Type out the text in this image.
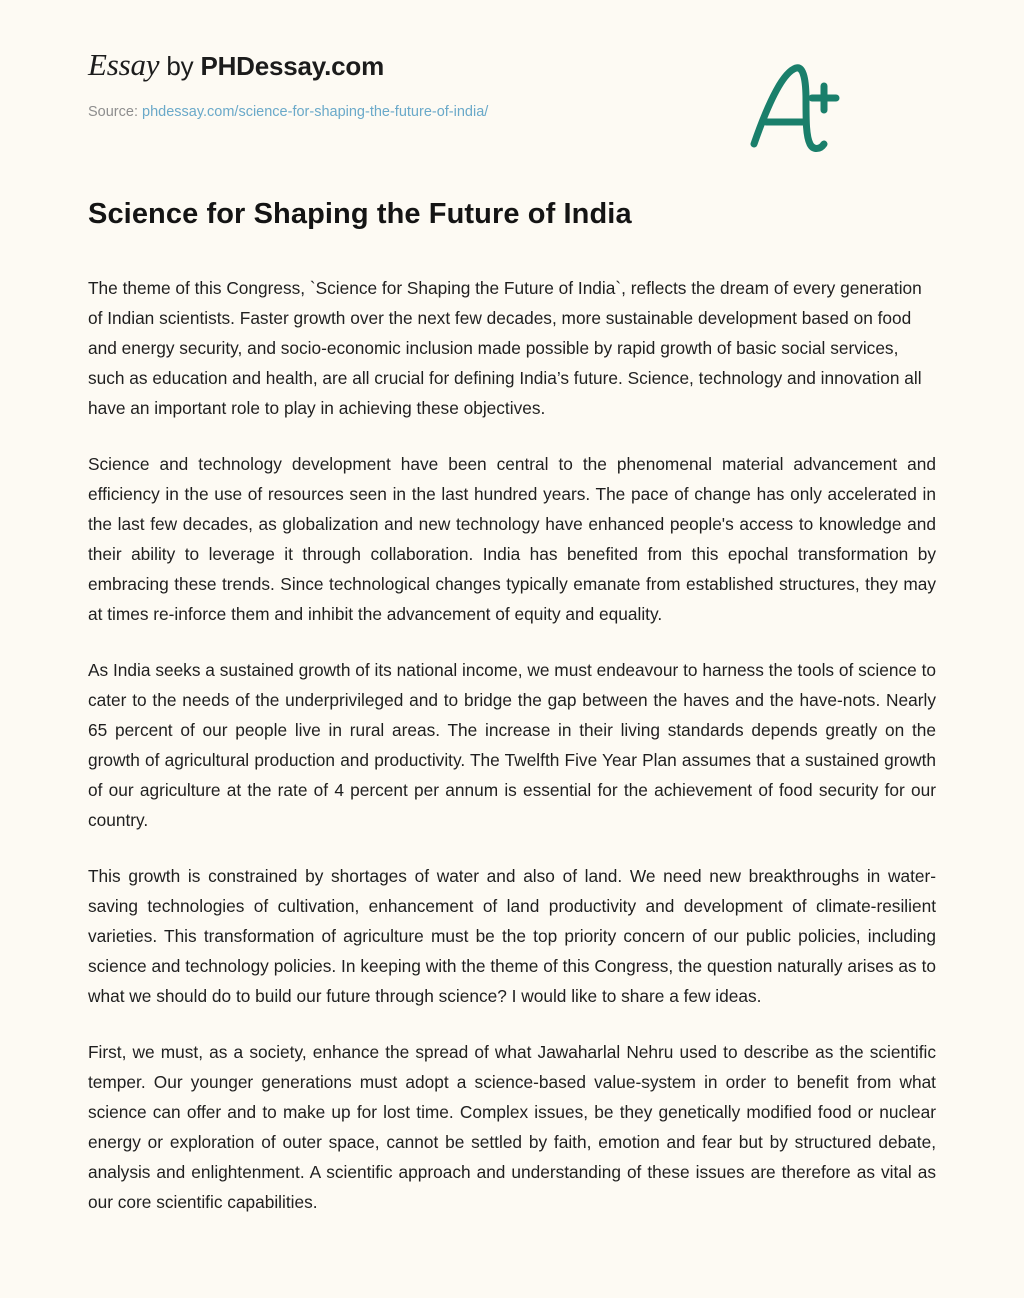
Essay by PHDessay.com
Source: phdessay.com/science-for-shaping-the-future-of-india/
Science for Shaping the Future of India

The theme of this Congress, `Science for Shaping the Future of India`, reflects the dream of every generation of Indian scientists. Faster growth over the next few decades, more sustainable development based on food and energy security, and socio-economic inclusion made possible by rapid growth of basic social services, such as education and health, are all crucial for defining India’s future. Science, technology and innovation all have an important role to play in achieving these objectives.

Science and technology development have been central to the phenomenal material advancement and efficiency in the use of resources seen in the last hundred years. The pace of change has only accelerated in the last few decades, as globalization and new technology have enhanced people's access to knowledge and their ability to leverage it through collaboration. India has benefited from this epochal transformation by embracing these trends. Since technological changes typically emanate from established structures, they may at times re-inforce them and inhibit the advancement of equity and equality.

As India seeks a sustained growth of its national income, we must endeavour to harness the tools of science to cater to the needs of the underprivileged and to bridge the gap between the haves and the have-nots. Nearly 65 percent of our people live in rural areas. The increase in their living standards depends greatly on the growth of agricultural production and productivity. The Twelfth Five Year Plan assumes that a sustained growth of our agriculture at the rate of 4 percent per annum is essential for the achievement of food security for our country.

This growth is constrained by shortages of water and also of land. We need new breakthroughs in water-saving technologies of cultivation, enhancement of land productivity and development of climate-resilient varieties. This transformation of agriculture must be the top priority concern of our public policies, including science and technology policies. In keeping with the theme of this Congress, the question naturally arises as to what we should do to build our future through science? I would like to share a few ideas.

First, we must, as a society, enhance the spread of what Jawaharlal Nehru used to describe as the scientific temper. Our younger generations must adopt a science-based value-system in order to benefit from what science can offer and to make up for lost time. Complex issues, be they genetically modified food or nuclear energy or exploration of outer space, cannot be settled by faith, emotion and fear but by structured debate, analysis and enlightenment. A scientific approach and understanding of these issues are therefore as vital as our core scientific capabilities.
